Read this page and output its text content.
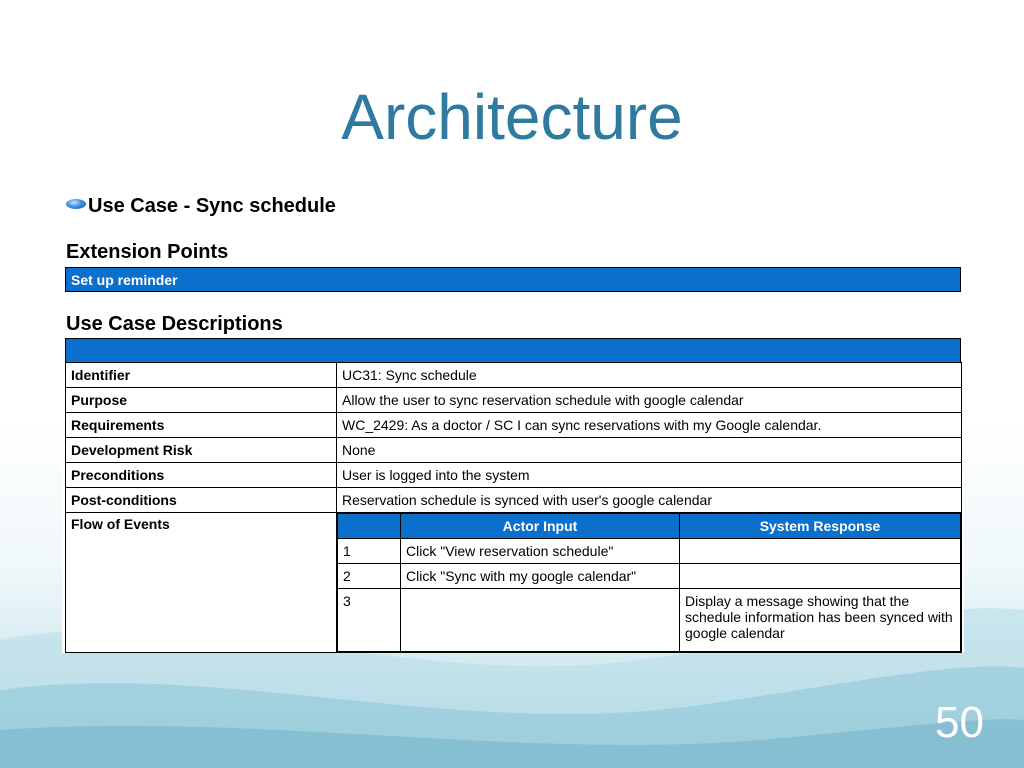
Architecture
Use Case - Sync schedule
Extension Points
Set up reminder
Use Case Descriptions
Identifier	UC31: Sync schedule
Purpose	Allow the user to sync reservation schedule with google calendar
Requirements	WC_2429: As a doctor / SC I can sync reservations with my Google calendar.
Development Risk	None
Preconditions	User is logged into the system
Post-conditions	Reservation schedule is synced with user's google calendar
Flow of Events	
		Actor Input	System Response
1	Click "View reservation schedule"	
2	Click "Sync with my google calendar"	
3		Display a message showing that the schedule information has been synced with google calendar
50
